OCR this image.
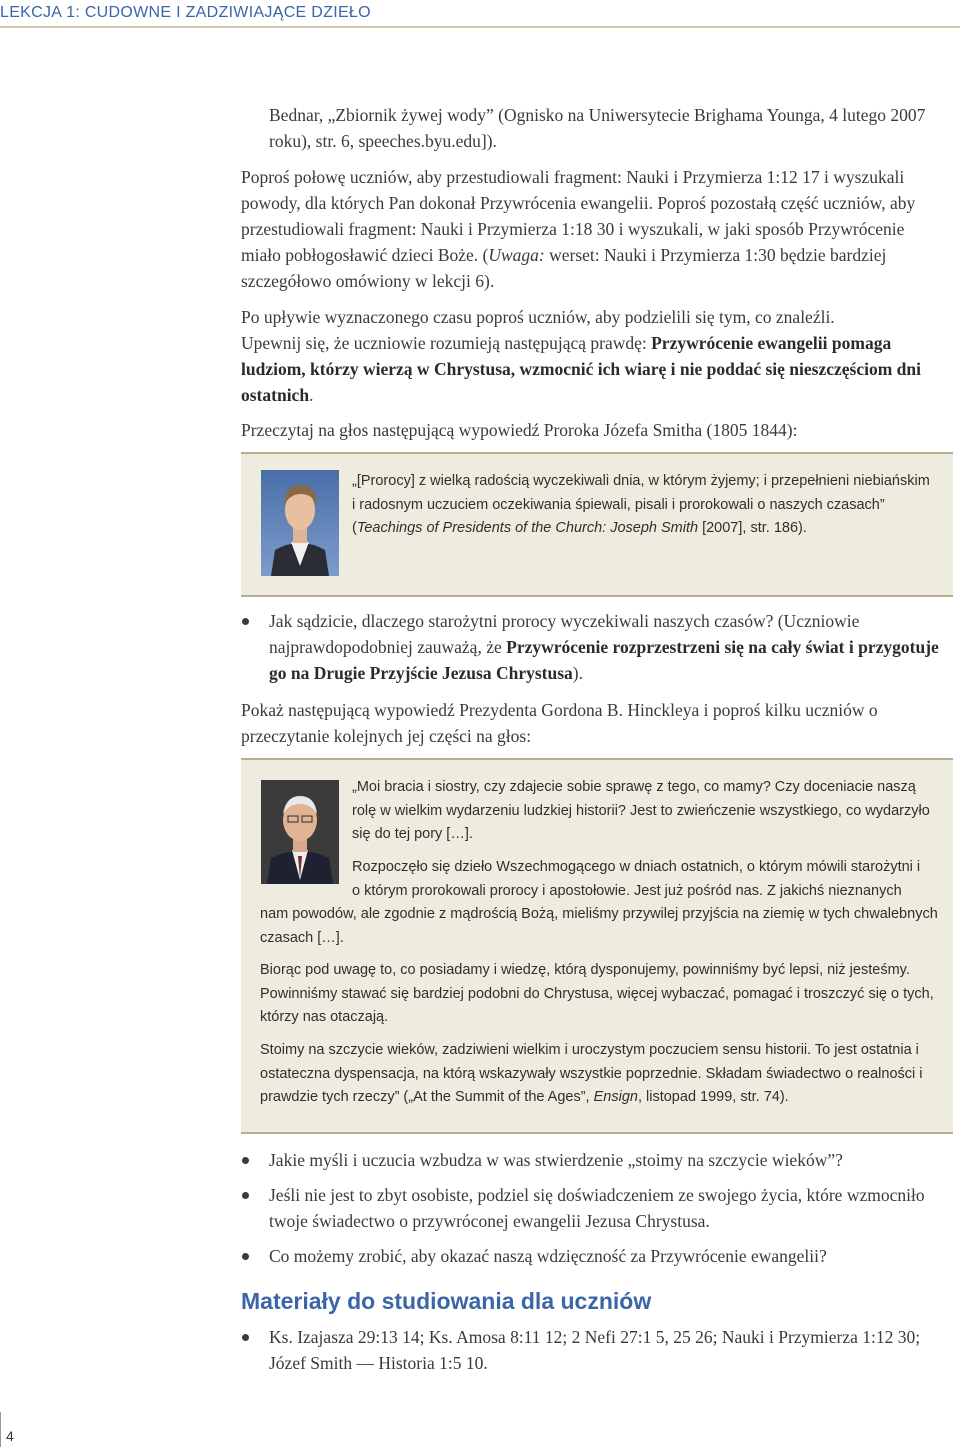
LEKCJA 1: CUDOWNE I ZADZIWIAJĄCE DZIEŁO

Bednar, „Zbiornik żywej wody” (Ognisko na Uniwersytecie Brighama Younga, 4 lutego 2007 roku), str. 6, speeches.byu.edu]).

Poproś połowę uczniów, aby przestudiowali fragment: Nauki i Przymierza 1:12 17 i wyszukali powody, dla których Pan dokonał Przywrócenia ewangelii. Poproś pozostałą część uczniów, aby przestudiowali fragment: Nauki i Przymierza 1:18 30 i wyszukali, w jaki sposób Przywrócenie miało pobłogosławić dzieci Boże. (Uwaga: werset: Nauki i Przymierza 1:30 będzie bardziej szczegółowo omówiony w lekcji 6).

Po upływie wyznaczonego czasu poproś uczniów, aby podzielili się tym, co znaleźli.

Upewnij się, że uczniowie rozumieją następującą prawdę: Przywrócenie ewangelii pomaga ludziom, którzy wierzą w Chrystusa, wzmocnić ich wiarę i nie poddać się nieszczęściom dni ostatnich.

Przeczytaj na głos następującą wypowiedź Proroka Józefa Smitha (1805 1844):

„[Prorocy] z wielką radością wyczekiwali dnia, w którym żyjemy; i przepełnieni niebiańskim i radosnym uczuciem oczekiwania śpiewali, pisali i prorokowali o naszych czasach” (Teachings of Presidents of the Church: Joseph Smith [2007], str. 186).

Jak sądzicie, dlaczego starożytni prorocy wyczekiwali naszych czasów? (Uczniowie najprawdopodobniej zauważą, że Przywrócenie rozprzestrzeni się na cały świat i przygotuje go na Drugie Przyjście Jezusa Chrystusa).

Pokaż następującą wypowiedź Prezydenta Gordona B. Hinckleya i poproś kilku uczniów o przeczytanie kolejnych jej części na głos:

„Moi bracia i siostry, czy zdajecie sobie sprawę z tego, co mamy? Czy doceniacie naszą rolę w wielkim wydarzeniu ludzkiej historii? Jest to zwieńczenie wszystkiego, co wydarzyło się do tej pory […].

Rozpoczęło się dzieło Wszechmogącego w dniach ostatnich, o którym mówili starożytni i o którym prorokowali prorocy i apostołowie. Jest już pośród nas. Z jakichś nieznanych

nam powodów, ale zgodnie z mądrością Bożą, mieliśmy przywilej przyjścia na ziemię w tych chwalebnych czasach […].

Biorąc pod uwagę to, co posiadamy i wiedzę, którą dysponujemy, powinniśmy być lepsi, niż jesteśmy. Powinniśmy stawać się bardziej podobni do Chrystusa, więcej wybaczać, pomagać i troszczyć się o tych, którzy nas otaczają.

Stoimy na szczycie wieków, zadziwieni wielkim i uroczystym poczuciem sensu historii. To jest ostatnia i ostateczna dyspensacja, na którą wskazywały wszystkie poprzednie. Składam świadectwo o realności i prawdzie tych rzeczy” („At the Summit of the Ages”, Ensign, listopad 1999, str. 74).

Jakie myśli i uczucia wzbudza w was stwierdzenie „stoimy na szczycie wieków”?

Jeśli nie jest to zbyt osobiste, podziel się doświadczeniem ze swojego życia, które wzmocniło twoje świadectwo o przywróconej ewangelii Jezusa Chrystusa.

Co możemy zrobić, aby okazać naszą wdzięczność za Przywrócenie ewangelii?

Materiały do studiowania dla uczniów

Ks. Izajasza 29:13 14; Ks. Amosa 8:11 12; 2 Nefi 27:1 5, 25 26; Nauki i Przymierza 1:12 30; Józef Smith — Historia 1:5 10.

4
